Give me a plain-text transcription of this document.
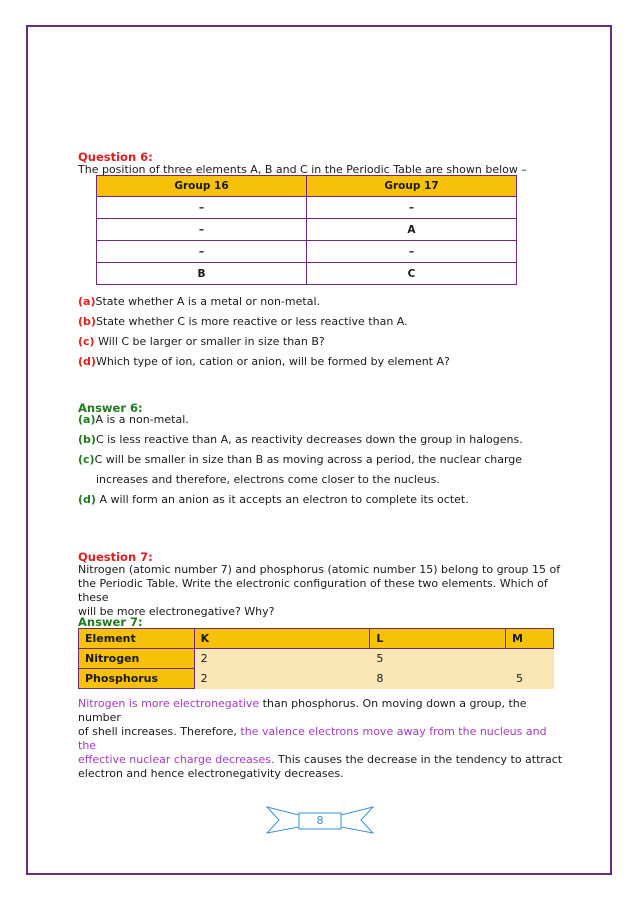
Question 6:
The position of three elements A, B and C in the Periodic Table are shown below –
Group 16	Group 17
–	–
–	A
–	–
B	C
(a)State whether A is a metal or non-metal.
(b)State whether C is more reactive or less reactive than A.
(c) Will C be larger or smaller in size than B?
(d)Which type of ion, cation or anion, will be formed by element A?
Answer 6:
(a)A is a non-metal.
(b)C is less reactive than A, as reactivity decreases down the group in halogens.
(c)C will be smaller in size than B as moving across a period, the nuclear charge
increases and therefore, electrons come closer to the nucleus.
(d) A will form an anion as it accepts an electron to complete its octet.
Question 7:
Nitrogen (atomic number 7) and phosphorus (atomic number 15) belong to group 15 of
the Periodic Table. Write the electronic configuration of these two elements. Which of these
will be more electronegative? Why?
Answer 7:
Element	K	L	M
Nitrogen	2	5	
Phosphorus	2	8	5
Nitrogen is more electronegative than phosphorus. On moving down a group, the number
of shell increases. Therefore, the valence electrons move away from the nucleus and the
effective nuclear charge decreases. This causes the decrease in the tendency to attract
electron and hence electronegativity decreases.
8
